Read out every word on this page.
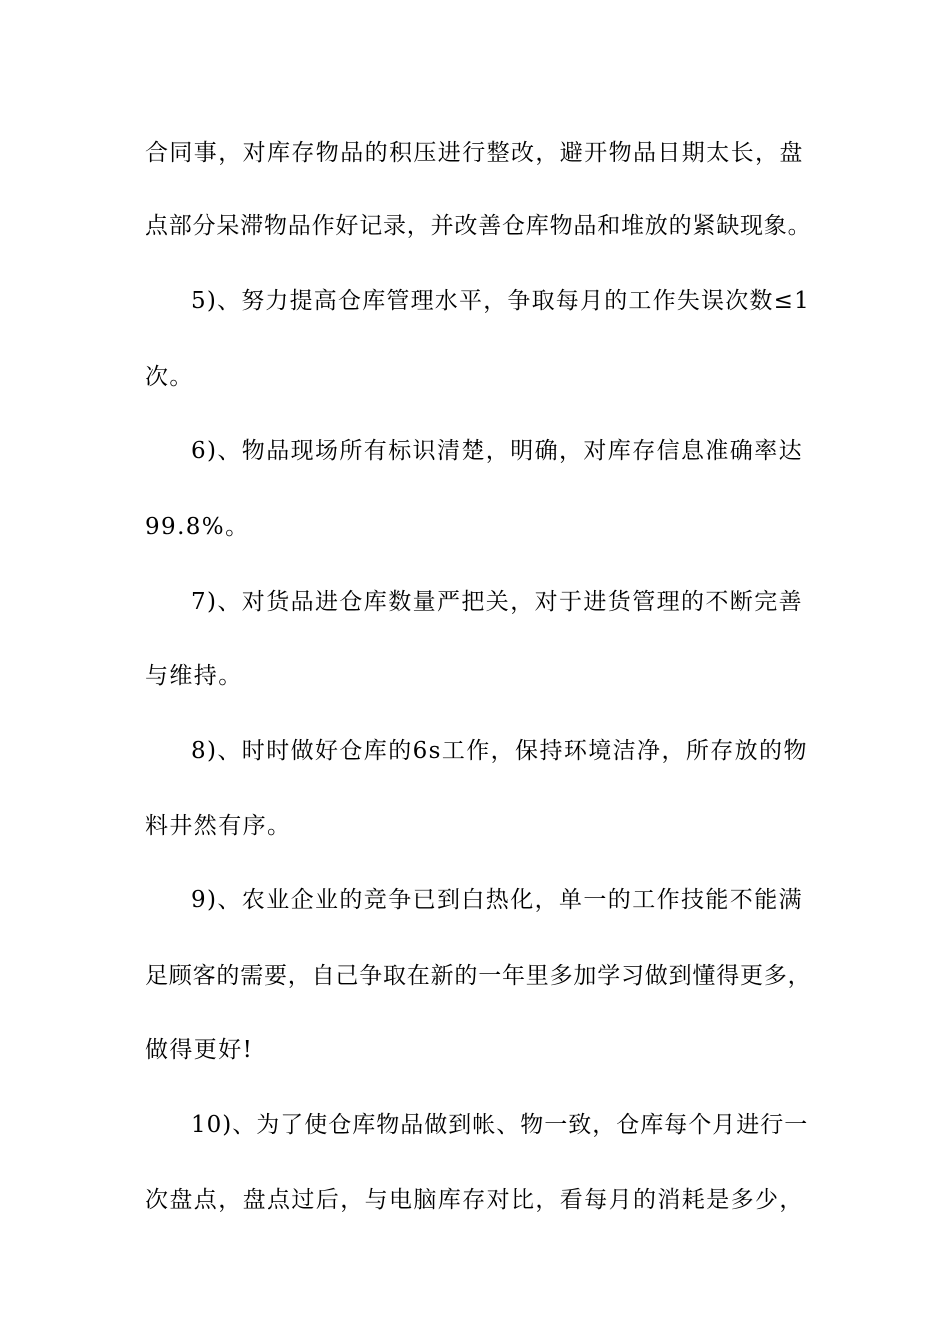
合同事，对库存物品的积压进行整改，避开物品日期太长，盘
点部分呆滞物品作好记录，并改善仓库物品和堆放的紧缺现象。
5)、努力提高仓库管理水平，争取每月的工作失误次数≤1
次。
6)、物品现场所有标识清楚，明确，对库存信息准确率达
99.8%。
7)、对货品进仓库数量严把关，对于进货管理的不断完善
与维持。
8)、时时做好仓库的6s工作，保持环境洁净，所存放的物
料井然有序。
9)、农业企业的竞争已到白热化，单一的工作技能不能满
足顾客的需要，自己争取在新的一年里多加学习做到懂得更多，
做得更好!
10)、为了使仓库物品做到帐、物一致，仓库每个月进行一
次盘点，盘点过后，与电脑库存对比，看每月的消耗是多少，
